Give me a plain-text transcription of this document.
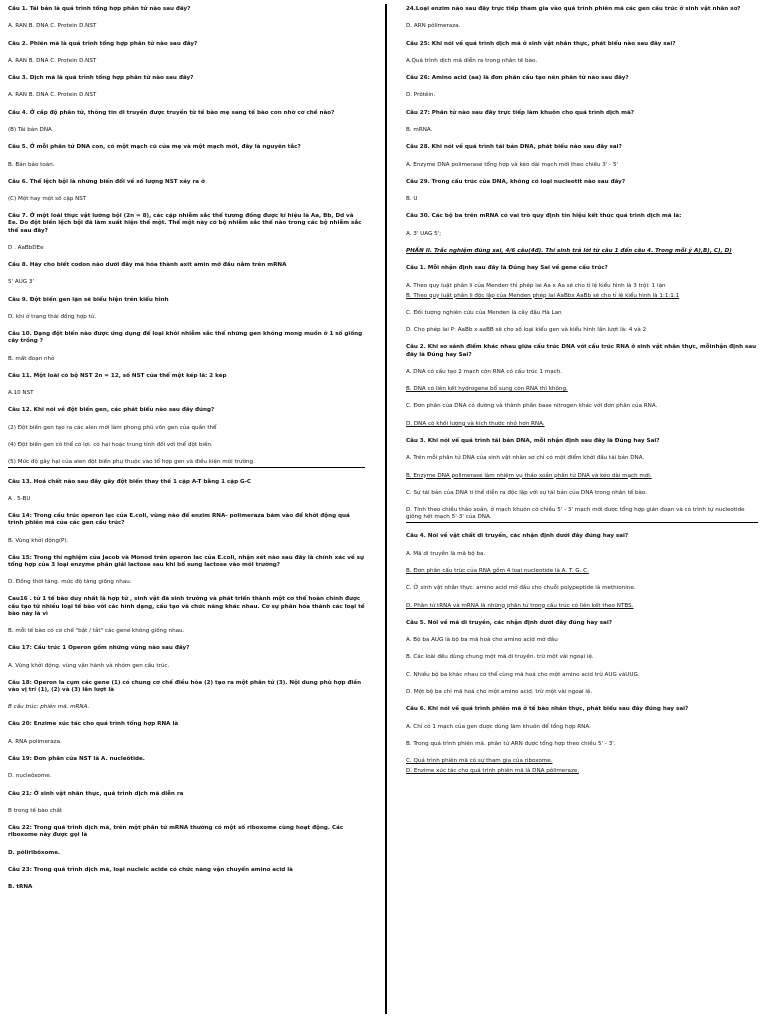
Câu 1. Tái bản là quá trình tổng hợp phân tử nào sau đây?
A. RAN B. DNA C. Protein D.NST
Câu 2. Phiên mã là quá trình tổng hợp phân tử nào sau đây?
A. RAN B. DNA C. Protein D.NST
Câu 3. Dịch mã là quá trình tổng hợp phân tử nào sau đây?
A. RAN B. DNA C. Protein D.NST
Câu 4. Ở cấp độ phân tử, thông tin di truyền được truyền từ tế bào mẹ sang tế bào con nhờ cơ chế nào?
(B) Tái bản DNA
Câu 5. Ở mỗi phân tử DNA con, có một mạch cũ của mẹ và một mạch mới, đây là nguyên tắc?
B. Bán bảo toàn.
Câu 6. Thể lệch bội là những biến đổi về số lượng NST xảy ra ở
(C) Một hay một số cặp NST
Câu 7. Ở một loài thực vật lưỡng bội (2n = 8), các cặp nhiễm sắc thể tương đồng được kí hiệu là Aa, Bb, Dd và Ee. Do đột biến lệch bội đã làm xuất hiện thể một. Thể một này có bộ nhiễm sắc thể nào trong các bộ nhiễm sắc thể sau đây?
D . AaBbDEe
Câu 8. Hãy cho biết codon nào dưới đây mã hóa thành axit amin mở đầu nằm trên mRNA
5' AUG 3'
Câu 9. Đột biến gen lặn sẽ biểu hiện trên kiểu hình
D. khi ở trạng thái đồng hợp tử.
Câu 10. Dạng đột biến nào được ứng dụng để loại khỏi nhiễm sắc thể những gen không mong muốn ở 1 số giống cây trồng ?
B. mất đoạn nhỏ
Câu 11. Một loài có bộ NST 2n = 12, số NST của thể một kép là: 2 kép
A.10 NST
Câu 12. Khi nói về đột biến gen, các phát biểu nào sau đây đúng?
(2) Đột biến gen tạo ra các alen mới làm phong phú vốn gen của quần thể
(4) Đột biến gen có thể có lợi. có hại hoặc trung tính đối với thể đột biến.
(5) Mức độ gây hại của alen đột biến phụ thuộc vào tổ hợp gen và điều kiện môi trường.
Câu 13. Hoá chất nào sau đây gây đột biến thay thế 1 cặp A-T bằng 1 cặp G-C
A . 5-BU
Câu 14: Trong cấu trúc operon lạc của E.coli, vùng nào để enzim RNA- polimeraza bám vào để khởi động quá trình phiên mã của các gen cấu trúc?
B. Vùng khởi động(P).
Câu 15: Trong thí nghiệm của Jacob và Monod trên operon lac của E.coli, nhận xét nào sau đây là chính xác về sự tổng hợp của 3 loại enzyme phân giải lactose sau khi bổ sung lactose vào môi trường?
D. Đồng thời tăng. mức độ tăng giống nhau.
Cau16 . tử 1 tế bào duy nhất là hợp tử , sinh vật đã sinh trưởng và phát triển thành một cơ thể hoàn chỉnh được cấu tạo từ nhiều loại tế bào với các hình dạng, cấu tạo và chức năng khác nhau. Cơ sự phân hóa thành các loại tế bào này là vì
B. mỗi tế bào có cơ chế "bật / tắt" các gene không giống nhau.
Câu 17: Cấu trúc 1 Operon gồm những vùng nào sau đây?
A. Vùng khởi động. vùng vận hành và nhóm gen cấu trúc.
Câu 18: Operon la cụm các gene (1) có chung cơ chế điều hòa (2) tạo ra một phân tử (3). Nội dung phù hợp điền vào vị trí (1), (2) và (3) lần lượt là
B cấu trúc: phiên mã. mRNA.
Câu 20: Enzime xúc tác cho quá trình tổng hợp RNA là
A. RNA polimeraza.
Câu 19: Đơn phân của NST là A. nucleôtide.
D. nucleôxome.
Câu 21: Ở sinh vật nhân thực, quá trình dịch mã diễn ra
B trong tế bào chất
Câu 22: Trong quá trình dịch mã, trên một phân tử mRNA thường có một số riboxome cùng hoạt động. Các riboxome này được gọi là
D. pôliribôxome.
Câu 23: Trong quá trình dịch mã, loại nucleic acide có chức năng vận chuyển amino acid là
B. tRNA
24.Loại enzim nào sau đây trực tiếp tham gia vào quá trình phiên mã các gen cấu trúc ở sinh vật nhân sơ?
D. ARN pôlimeraza.
Câu 25: Khi nói về quá trình dịch mã ở sinh vật nhân thực, phát biểu nào sau đây sai?
A.Quá trình dịch mã diễn ra trong nhân tế bào.
Câu 26: Amino acid (aa) là đơn phân cấu tạo nên phân tử nào sau đây?
D. Prôtêin.
Câu 27: Phân tử nào sau đây trực tiếp làm khuôn cho quá trình dịch mã?
B. mRNA.
Câu 28. Khi nói về quá trình tái bản DNA, phát biểu nào sau đây sai?
A. Enzyme DNA polimerase tổng hợp và kéo dài mạch mới theo chiều 3' - 5'
Câu 29. Trong cấu trúc của DNA, không có loại nucleotit nào sau đây?
B. U
Câu 30. Các bộ ba trên mRNA có vai trò quy định tín hiệu kết thúc quá trình dịch mã là:
A. 3' UAG 5';
PHẦN II. Trắc nghiệm đúng sai, 4/6 câu(4đ). Thí sinh trả lời từ câu 1 đến câu 4. Trong mỗi ý A),B), C), D)
Câu 1. Mỗi nhận định sau đây là Đúng hay Sai về gene cấu trúc?
A. Theo quy luật phân li của Menden thì phép lai Aa x Aa sẽ cho tỉ lệ kiểu hình là 3 trội: 1 lặn
B. Theo quy luật phân li độc lập của Menden phép lai AaBbx AaBb sẽ cho tỉ lệ kiểu hình là 1:1:1:1
C. Đối tượng nghiên cứu của Menden là cây đậu Hà Lan
D. Cho phép lai P: AaBb x aaBB sẽ cho số loại kiểu gen và kiểu hình lần lượt là: 4 và 2
Câu 2. Khi so sánh điểm khác nhau giữa cấu trúc DNA với cấu trúc RNA ở sinh vật nhân thực, mỗinhận định sau đây là Đúng hay Sai?
A. DNA có cấu tạo 2 mạch còn RNA có cấu trúc 1 mạch.
B. DNA có liên kết hydrogene bổ sung còn RNA thì không.
C. Đơn phân của DNA có đường và thành phần base nitrogen khác với đơn phân của RNA.
D. DNA có khối lượng và kích thước nhỏ hơn RNA.
Câu 3. Khi nói về quá trình tái bản DNA, mỗi nhận định sau đây là Đúng hay Sai?
A. Trên mỗi phân tử DNA của sinh vật nhân sơ chỉ có một điểm khởi đầu tái bản DNA.
B. Enzyme DNA polimerase làm nhiệm vụ tháo xoắn phân tử DNA và kéo dài mạch mới.
C. Sự tái bản của DNA ti thể diễn ra độc lập với sự tái bản của DNA trong nhân tế bào.
D. Tính theo chiều tháo xoắn, ở mạch khuôn có chiều 5' - 3' mạch mới được tổng hợp gián đoạn và có trình tự nucleotide giống hệt mạch 5'-3' của DNA.
Câu 4. Nói về vật chất di truyền, các nhận định dưới đây đúng hay sai?
A. Mã di truyền là mã bộ ba.
B. Đơn phân cấu trúc của RNA gồm 4 loại nucleotide là A. T. G. C.
C. Ở sinh vật nhân thực. amino acid mở đầu cho chuỗi polypeptide là methionine.
D. Phân tử tRNA và mRNA là những phân tử trong cấu trúc có liên kết theo NTBS.
Câu 5. Nói về mã di truyền, các nhận định dưới đây đúng hay sai?
A. Bộ ba AUG là bộ ba mã hoá cho amino acid mở đầu
B. Các loài đều dùng chung một mã di truyền. trừ một vài ngoại lệ.
C. Nhiều bộ ba khác nhau có thể cùng mã hoá cho một amino acid trừ AUG vàUUG.
D. Một bộ ba chỉ mã hoá cho một amino acid. trừ một vài ngoại lệ.
Câu 6. Khi nói về quá trình phiên mã ở tế bào nhân thực, phát biểu sau đây đúng hay sai?
A. Chỉ có 1 mạch của gen được dùng làm khuôn để tổng hợp RNA.
B. Trong quá trình phiên mã. phân tử ARN được tổng hợp theo chiều 5' - 3'.
C. Quá trình phiên mã có sự tham gia của riboxome.
D. Enzime xúc tác cho quá trình phiên mã là DNA pôlimeraze.
